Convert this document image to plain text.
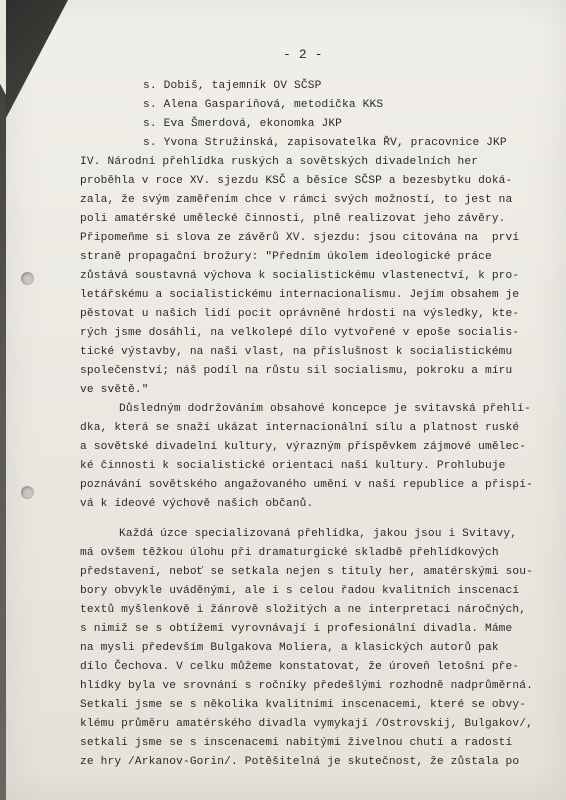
- 2 -
s. Dobiš, tajemník OV SČSP
s. Alena Gaspariňová, metodička KKS
s. Eva Šmerdová, ekonomka JKP
s. Yvona Stružinská, zapisovatelka ŘV, pracovnice JKP
IV. Národní přehlídka ruských a sovětských divadelních her
proběhla v roce XV. sjezdu KSČ a běsíce SČSP a bezesbytku doká-
zala, že svým zaměřením chce v rámci svých možností, to jest na
poli amatérské umělecké činnosti, plně realizovat jeho závěry.
Připomeňme si slova ze závěrů XV. sjezdu: jsou citována na  prví
straně propagační brožury: "Předním úkolem ideologické práce
zůstává soustavná výchova k socialistickému vlastenectví, k pro-
letářskému a socialistickému internacionalismu. Jejím obsahem je
pěstovat u našich lidí pocit oprávněné hrdosti na výsledky, kte-
rých jsme dosáhli, na velkolepé dílo vytvořené v epoše socialis-
tické výstavby, na naši vlast, na příslušnost k socialistickému
společenství; náš podíl na růstu sil socialismu, pokroku a míru
ve světě."
Důsledným dodržováním obsahové koncepce je svitavská přehlí-
dka, která se snaží ukázat internacionální sílu a platnost ruské
a sovětské divadelní kultury, výrazným příspěvkem zájmové umělec-
ké činnosti k socialistické orientaci naší kultury. Prohlubuje
poznávání sovětského angažovaného umění v naší republice a přispí-
vá k ideové výchově našich občanů.
Každá úzce specializovaná přehlídka, jakou jsou i Svitavy,
má ovšem těžkou úlohu při dramaturgické skladbě přehlídkových
představení, neboť se setkala nejen s tituly her, amatérskými sou-
bory obvykle uváděnými, ale i s celou řadou kvalitních inscenací
textů myšlenkově i žánrově složitých a ne interpretaci náročných,
s nimiž se s obtížemi vyrovnávají i profesionální divadla. Máme
na mysli především Bulgakova Moliera, a klasických autorů pak
dílo Čechova. V celku můžeme konstatovat, že úroveň letošní pře-
hlídky byla ve srovnání s ročníky předešlými rozhodně nadprůměrná.
Setkali jsme se s několika kvalitními inscenacemi, které se obvy-
klému průměru amatérského divadla vymykají /Ostrovskij, Bulgakov/,
setkali jsme se s inscenacemi nabitými živelnou chutí a radostí
ze hry /Arkanov-Gorin/. Potěšitelná je skutečnost, že zůstala po
